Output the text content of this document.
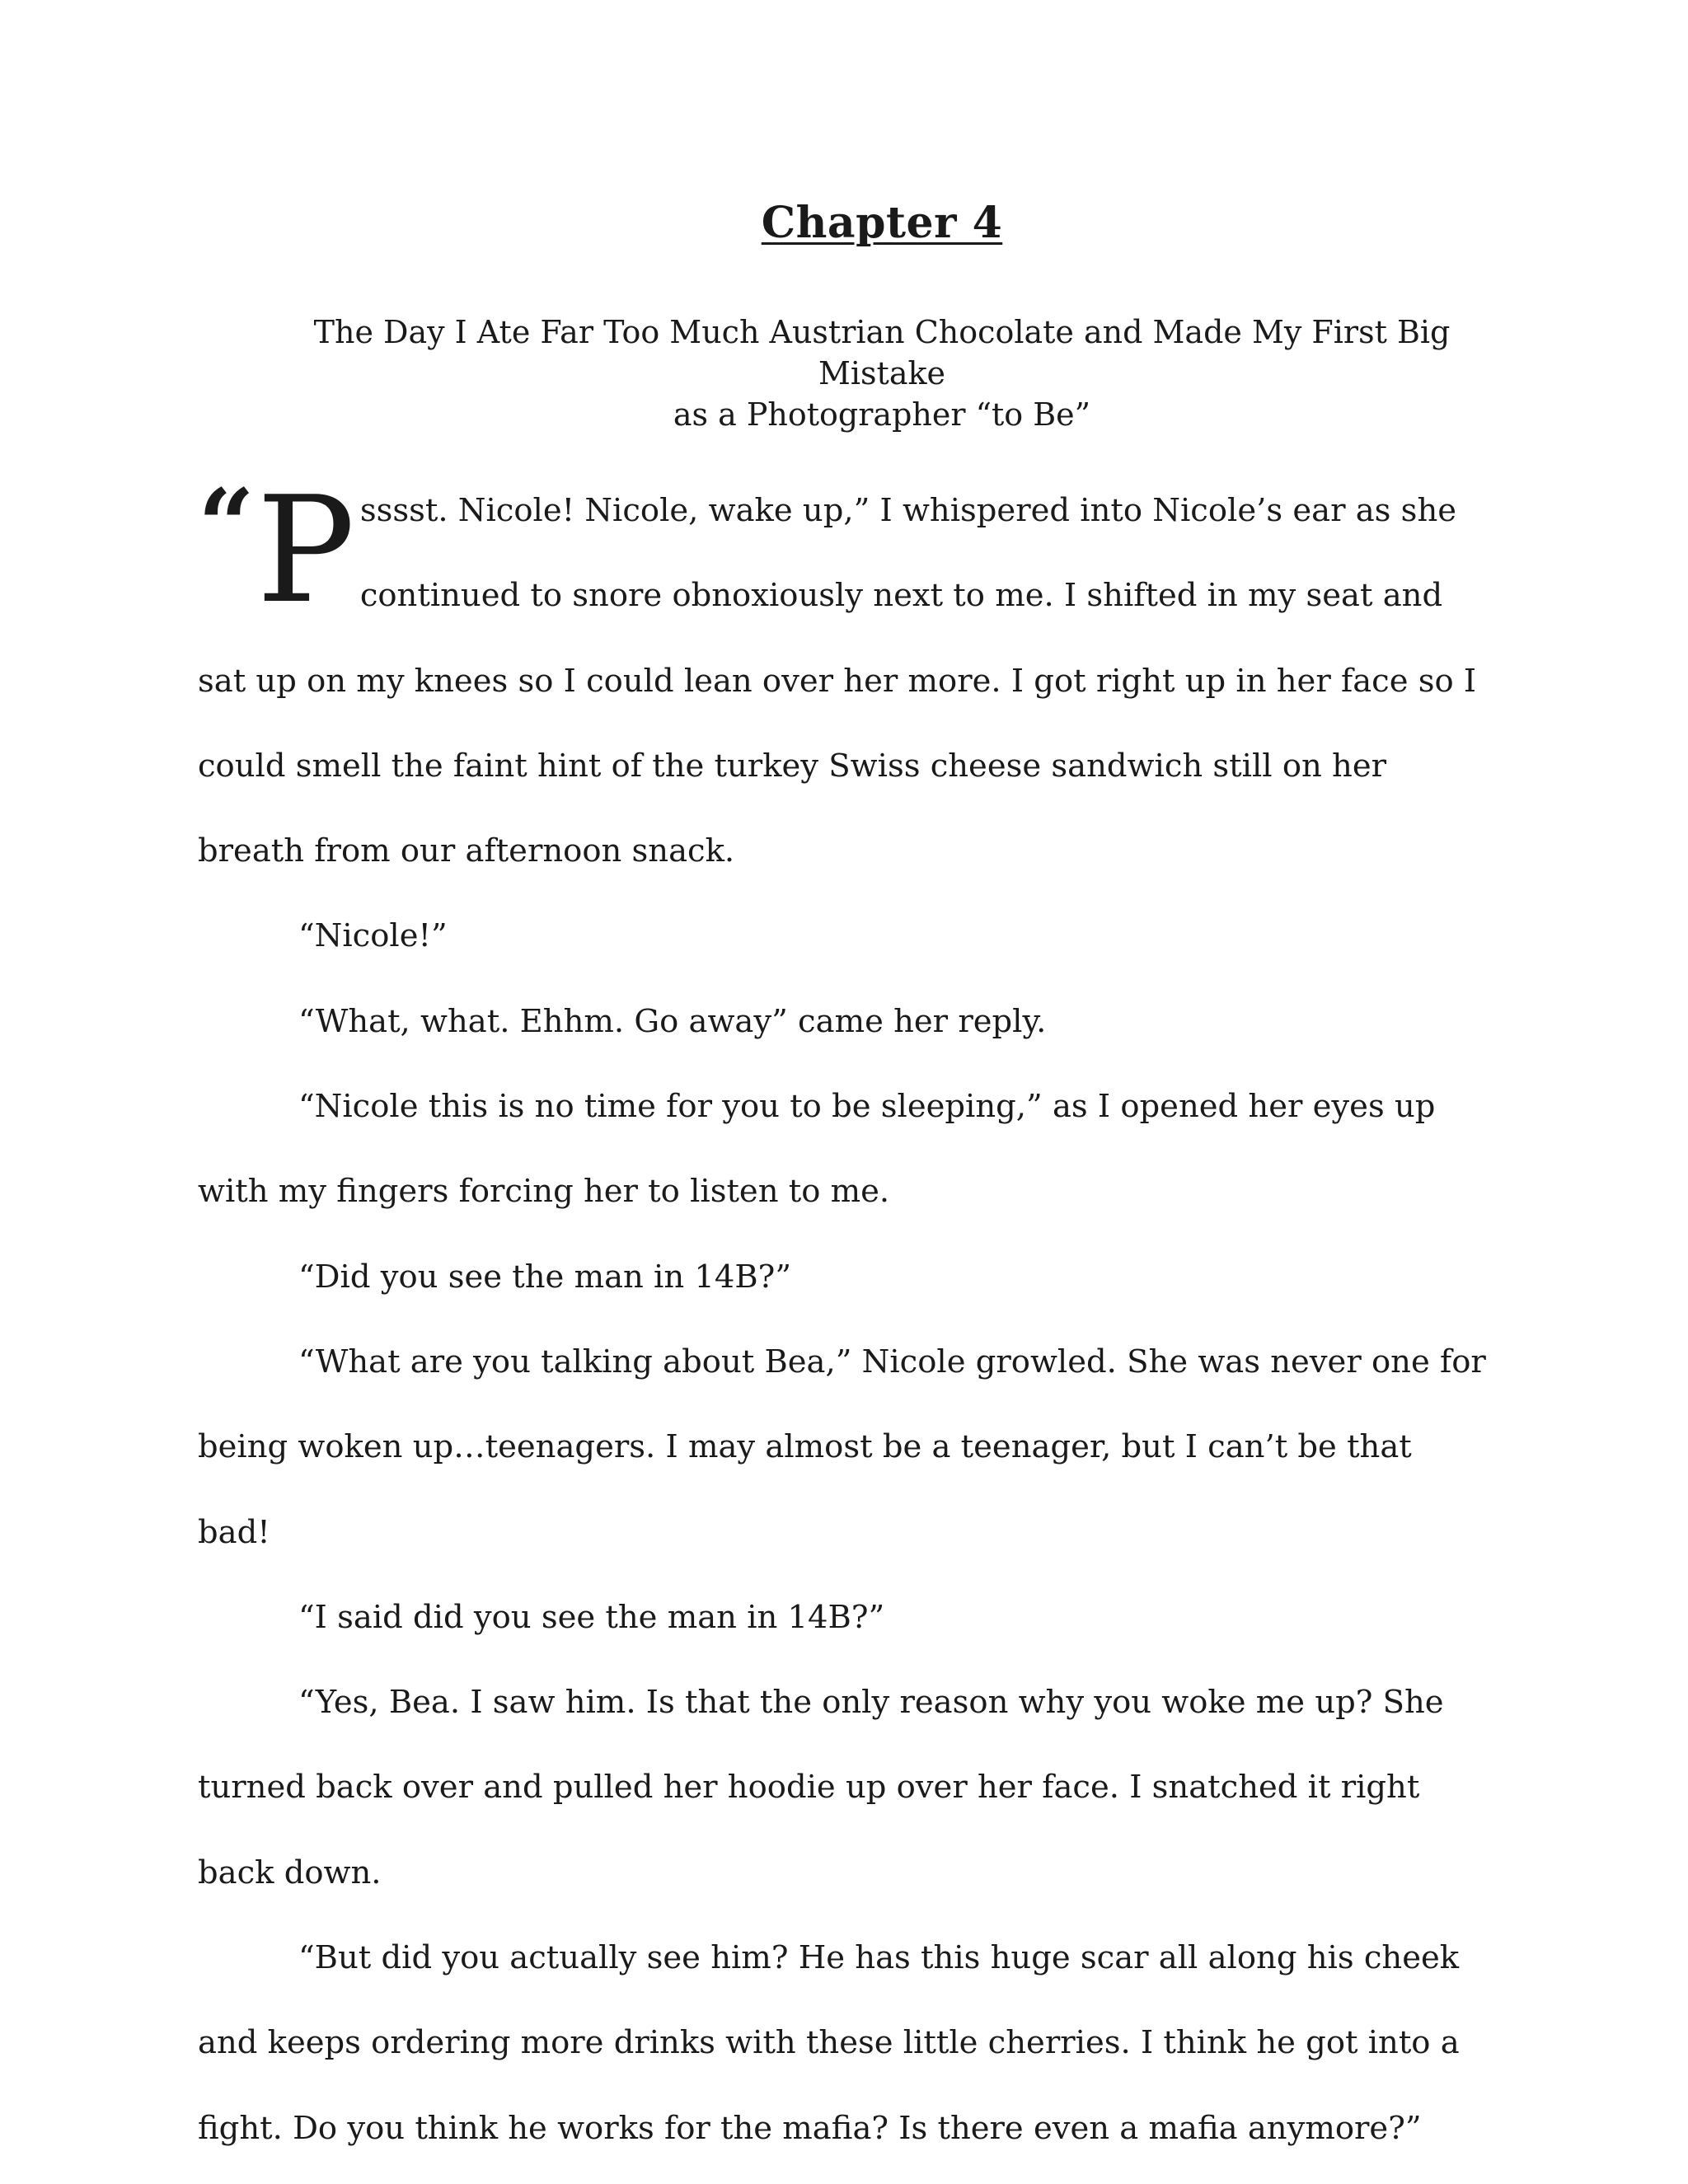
Chapter 4
The Day I Ate Far Too Much Austrian Chocolate and Made My First Big Mistake
as a Photographer “to Be”

“P sssst. Nicole! Nicole, wake up,” I whispered into Nicole’s ear as she continued to snore obnoxiously next to me. I shifted in my seat and sat up on my knees so I could lean over her more. I got right up in her face so I could smell the faint hint of the turkey Swiss cheese sandwich still on her breath from our afternoon snack.

“Nicole!”

“What, what. Ehhm. Go away” came her reply.

“Nicole this is no time for you to be sleeping,” as I opened her eyes up with my fingers forcing her to listen to me.

“Did you see the man in 14B?”

“What are you talking about Bea,” Nicole growled. She was never one for being woken up…teenagers. I may almost be a teenager, but I can’t be that bad!

“I said did you see the man in 14B?”

“Yes, Bea. I saw him. Is that the only reason why you woke me up? She turned back over and pulled her hoodie up over her face. I snatched it right back down.

“But did you actually see him? He has this huge scar all along his cheek and keeps ordering more drinks with these little cherries. I think he got into a fight. Do you think he works for the mafia? Is there even a mafia anymore?”
